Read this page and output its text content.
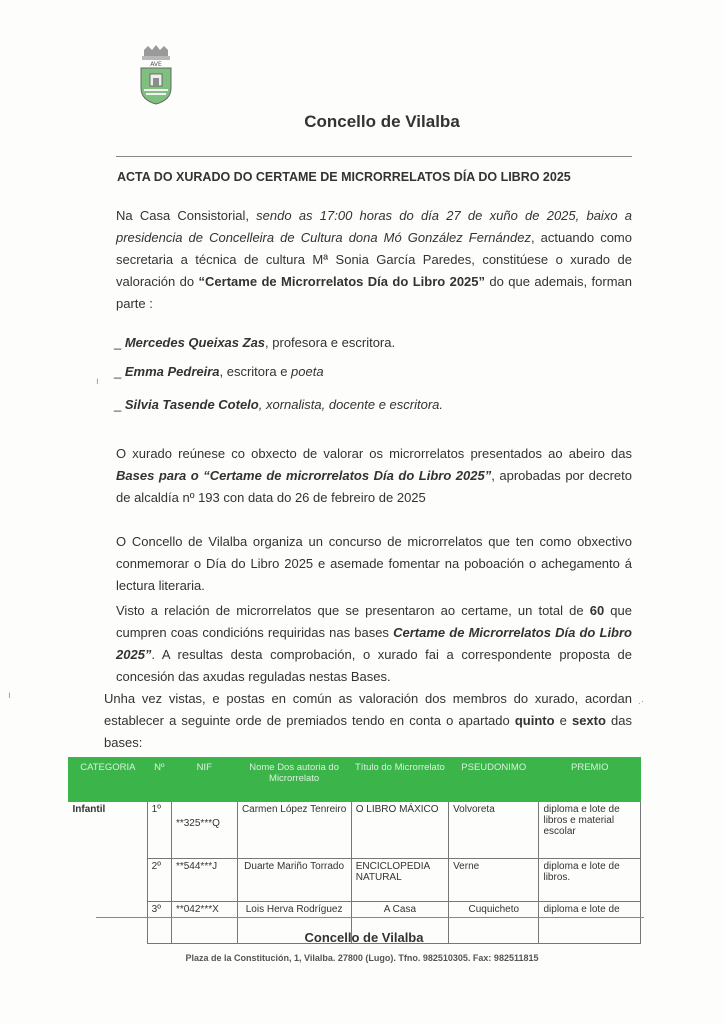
AVE
Concello de Vilalba
ACTA DO XURADO DO CERTAME DE MICRORRELATOS DÍA DO LIBRO 2025
Na Casa Consistorial, sendo as 17:00 horas do día 27 de xuño de 2025, baixo a presidencia de Concelleira de Cultura dona Mó González Fernández, actuando como secretaria a técnica de cultura Mª Sonia García Paredes, constitúese o xurado de valoración do “Certame de Microrrelatos Día do Libro 2025” do que ademais, forman parte :
_ Mercedes Queixas Zas, profesora e escritora.
_ Emma Pedreira, escritora e poeta
_ Silvia Tasende Cotelo, xornalista, docente e escritora.
O xurado reúnese co obxecto de valorar os microrrelatos presentados ao abeiro das Bases para o “Certame de microrrelatos Día do Libro 2025”, aprobadas por decreto de alcaldía nº 193 con data do 26 de febreiro de 2025
O Concello de Vilalba organiza un concurso de microrrelatos que ten como obxectivo conmemorar o Día do Libro 2025 e asemade fomentar na poboación o achegamento á lectura literaria.
Visto a relación de microrrelatos que se presentaron ao certame, un total de 60 que cumpren coas condicións requiridas nas bases Certame de Microrrelatos Día do Libro 2025”. A resultas desta comprobación, o xurado fai a correspondente proposta de concesión das axudas reguladas nestas Bases.
Unha vez vistas, e postas en común as valoración dos membros do xurado, acordan establecer a seguinte orde de premiados tendo en conta o apartado quinto e sexto das bases:
CATEGORIA	Nº	NIF	Nome Dos autoria do Microrrelato	Título do Microrrelato	PSEUDONIMO	PREMIO
Infantil	1º	**325***Q	Carmen López Tenreiro	O LIBRO MÁXICO	Volvoreta	diploma e lote de libros e material escolar
	2º	**544***J	Duarte Mariño Torrado	ENCICLOPEDIA NATURAL	Verne	diploma e lote de libros.
	3º	**042***X	Lois Herva Rodríguez	A Casa	Cuquicheto	diploma e lote de
ı
ı
.·
Concello de Vilalba
Plaza de la Constitución, 1, Vilalba. 27800 (Lugo). Tfno. 982510305. Fax: 982511815
